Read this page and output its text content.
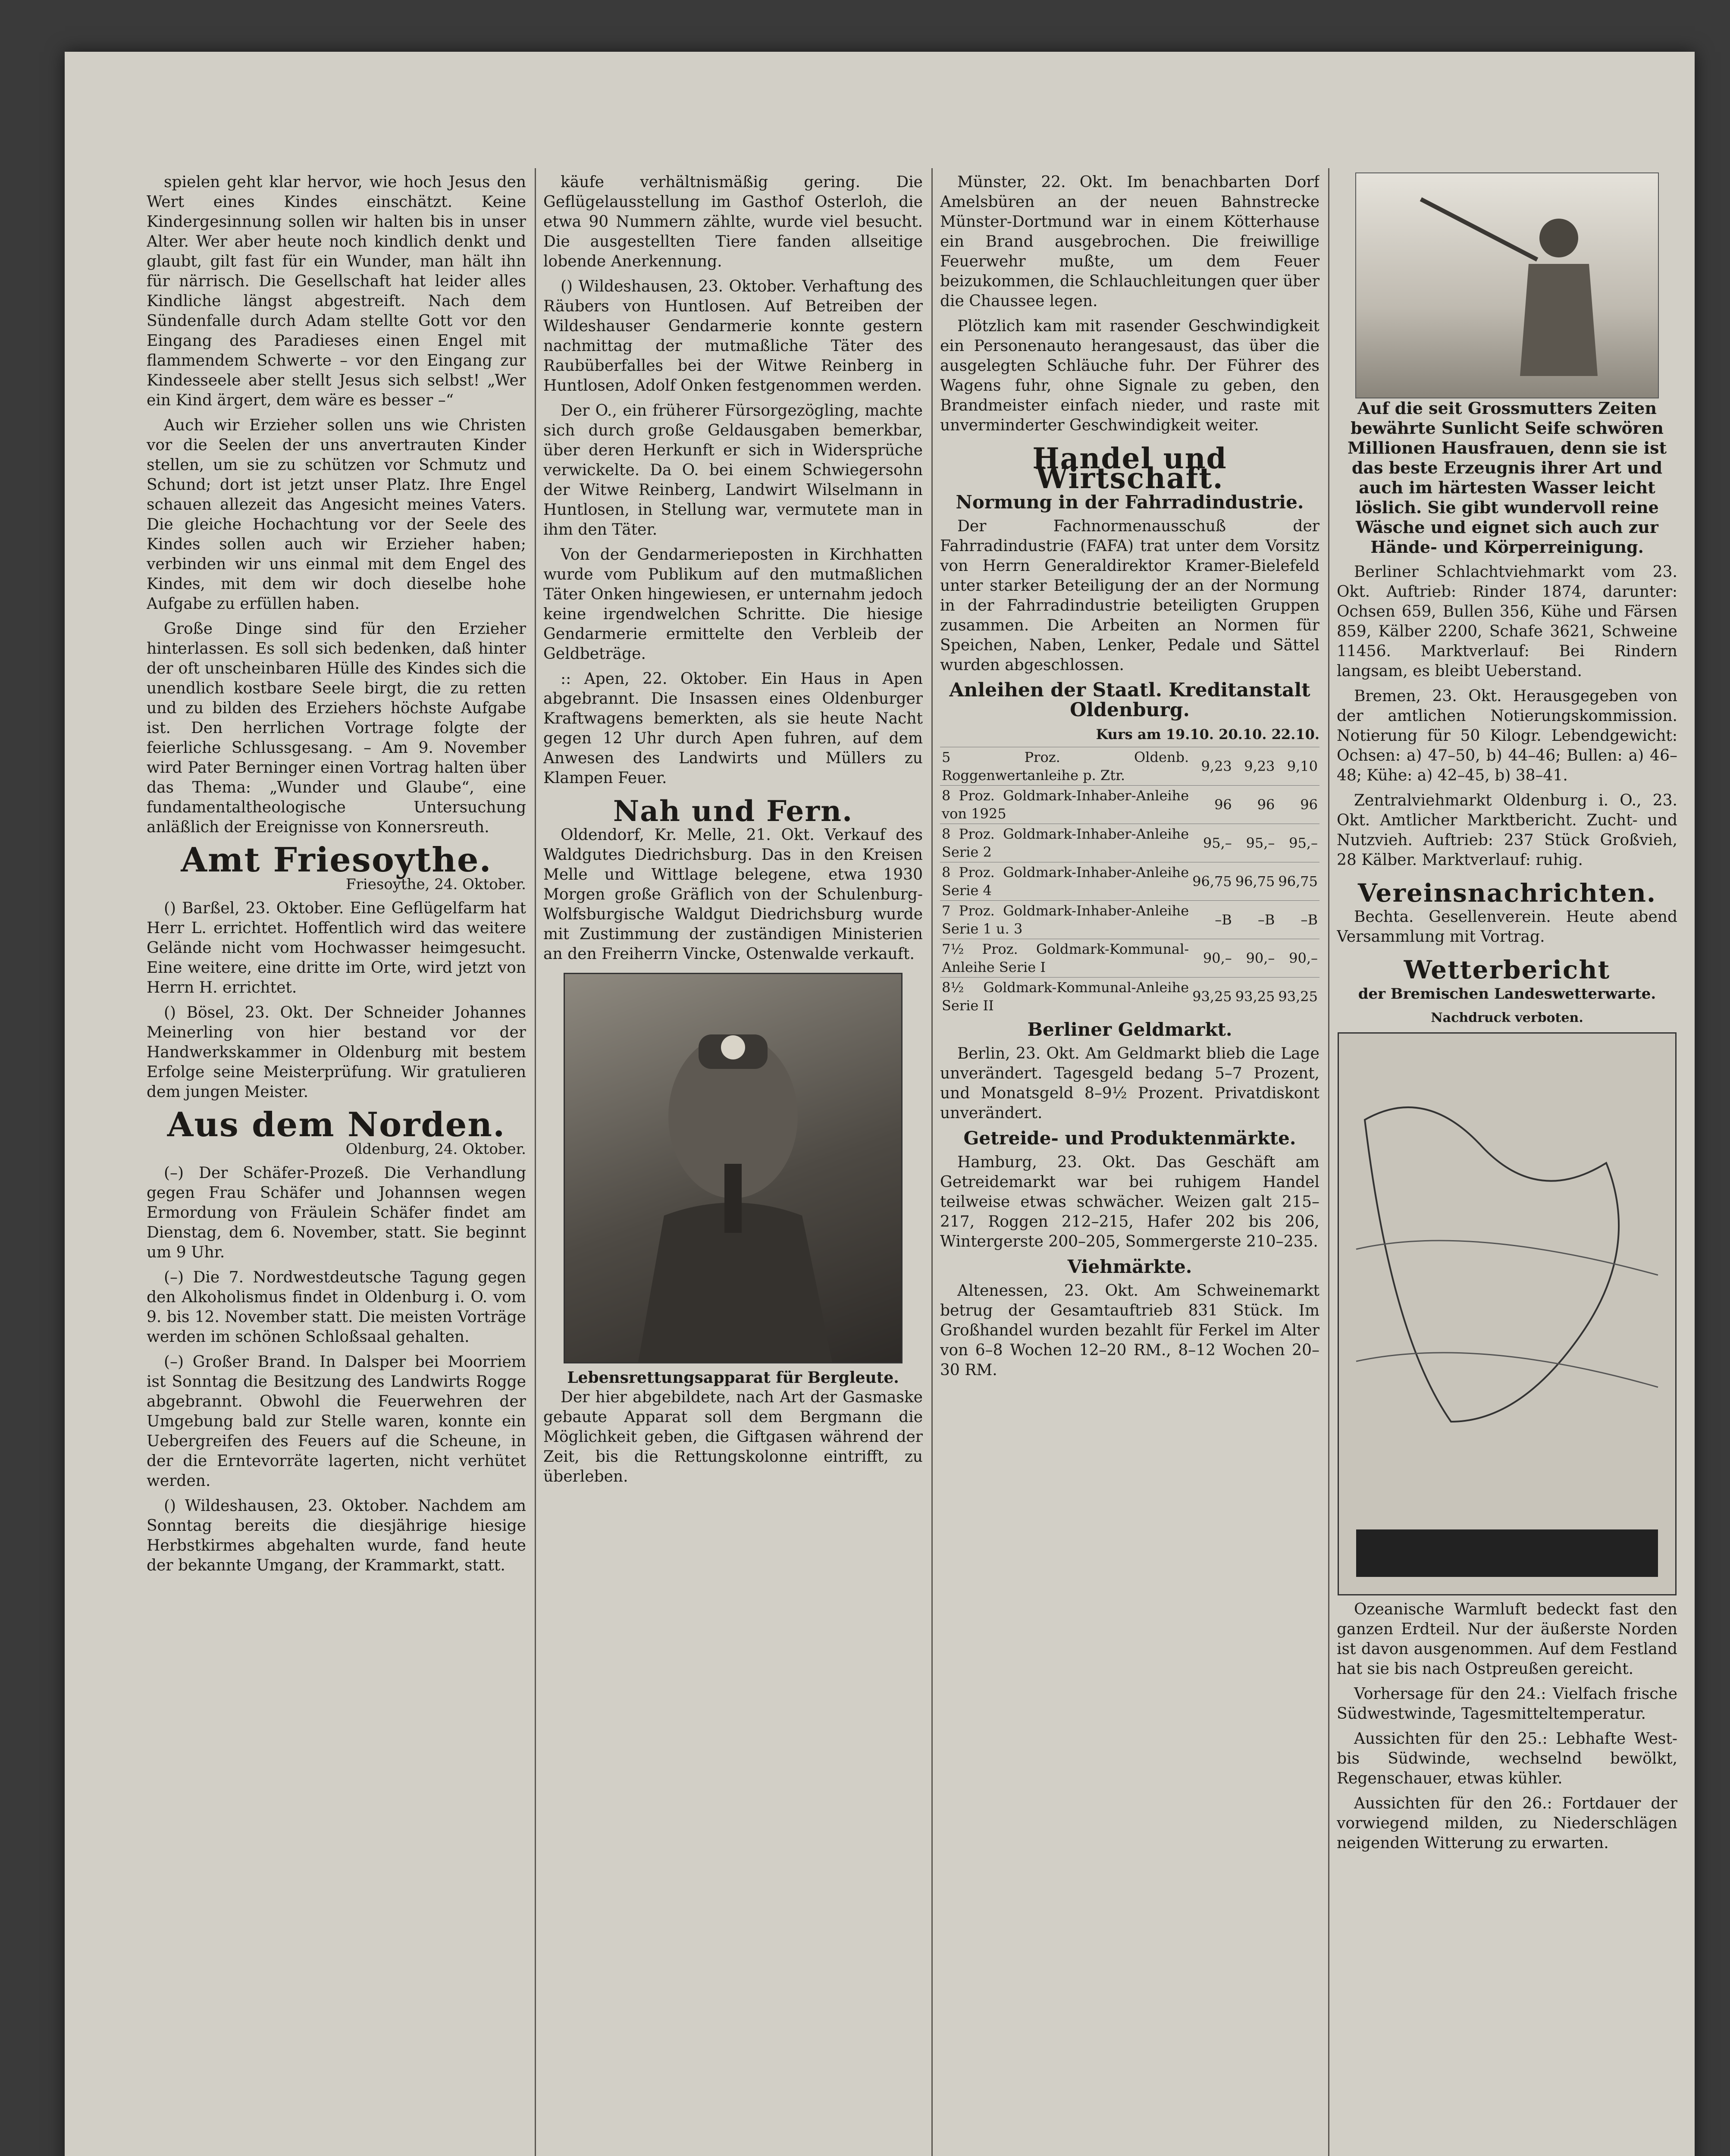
spielen geht klar hervor, wie hoch Jesus den Wert eines Kindes einschätzt. Keine Kindergesinnung sollen wir halten bis in unser Alter. Wer aber heute noch kindlich denkt und glaubt, gilt fast für ein Wunder, man hält ihn für närrisch. Die Gesellschaft hat leider alles Kindliche längst abgestreift. Nach dem Sündenfalle durch Adam stellte Gott vor den Eingang des Paradieses einen Engel mit flammendem Schwerte – vor den Eingang zur Kindesseele aber stellt Jesus sich selbst! „Wer ein Kind ärgert, dem wäre es besser –“

Auch wir Erzieher sollen uns wie Christen vor die Seelen der uns anvertrauten Kinder stellen, um sie zu schützen vor Schmutz und Schund; dort ist jetzt unser Platz. Ihre Engel schauen allezeit das Angesicht meines Vaters. Die gleiche Hochachtung vor der Seele des Kindes sollen auch wir Erzieher haben; verbinden wir uns einmal mit dem Engel des Kindes, mit dem wir doch dieselbe hohe Aufgabe zu erfüllen haben.

Große Dinge sind für den Erzieher hinterlassen. Es soll sich bedenken, daß hinter der oft unscheinbaren Hülle des Kindes sich die unendlich kostbare Seele birgt, die zu retten und zu bilden des Erziehers höchste Aufgabe ist. Den herrlichen Vortrage folgte der feierliche Schlussgesang. – Am 9. November wird Pater Berninger einen Vortrag halten über das Thema: „Wunder und Glaube“, eine fundamentaltheologische Untersuchung anläßlich der Ereignisse von Konnersreuth.

Amt Friesoythe.
Friesoythe, 24. Oktober.

() Barßel, 23. Oktober. Eine Geflügelfarm hat Herr L. errichtet. Hoffentlich wird das weitere Gelände nicht vom Hochwasser heimgesucht. Eine weitere, eine dritte im Orte, wird jetzt von Herrn H. errichtet.

() Bösel, 23. Okt. Der Schneider Johannes Meinerling von hier bestand vor der Handwerkskammer in Oldenburg mit bestem Erfolge seine Meisterprüfung. Wir gratulieren dem jungen Meister.

Aus dem Norden.
Oldenburg, 24. Oktober.

(–) Der Schäfer-Prozeß. Die Verhandlung gegen Frau Schäfer und Johannsen wegen Ermordung von Fräulein Schäfer findet am Dienstag, dem 6. November, statt. Sie beginnt um 9 Uhr.

(–) Die 7. Nordwestdeutsche Tagung gegen den Alkoholismus findet in Oldenburg i. O. vom 9. bis 12. November statt. Die meisten Vorträge werden im schönen Schloßsaal gehalten.

(–) Großer Brand. In Dalsper bei Moorriem ist Sonntag die Besitzung des Landwirts Rogge abgebrannt. Obwohl die Feuerwehren der Umgebung bald zur Stelle waren, konnte ein Uebergreifen des Feuers auf die Scheune, in der die Erntevorräte lagerten, nicht verhütet werden.

() Wildeshausen, 23. Oktober. Nachdem am Sonntag bereits die diesjährige hiesige Herbstkirmes abgehalten wurde, fand heute der bekannte Umgang, der Krammarkt, statt.

käufe verhältnismäßig gering. Die Geflügelausstellung im Gasthof Osterloh, die etwa 90 Nummern zählte, wurde viel besucht. Die ausgestellten Tiere fanden allseitige lobende Anerkennung.

() Wildeshausen, 23. Oktober. Verhaftung des Räubers von Huntlosen. Auf Betreiben der Wildeshauser Gendarmerie konnte gestern nachmittag der mutmaßliche Täter des Raubüberfalles bei der Witwe Reinberg in Huntlosen, Adolf Onken festgenommen werden.

Der O., ein früherer Fürsorgezögling, machte sich durch große Geldausgaben bemerkbar, über deren Herkunft er sich in Widersprüche verwickelte. Da O. bei einem Schwiegersohn der Witwe Reinberg, Landwirt Wilselmann in Huntlosen, in Stellung war, vermutete man in ihm den Täter.

Von der Gendarmerieposten in Kirchhatten wurde vom Publikum auf den mutmaßlichen Täter Onken hingewiesen, er unternahm jedoch keine irgendwelchen Schritte. Die hiesige Gendarmerie ermittelte den Verbleib der Geldbeträge.

:: Apen, 22. Oktober. Ein Haus in Apen abgebrannt. Die Insassen eines Oldenburger Kraftwagens bemerkten, als sie heute Nacht gegen 12 Uhr durch Apen fuhren, auf dem Anwesen des Landwirts und Müllers zu Klampen Feuer.

Nah und Fern.

Oldendorf, Kr. Melle, 21. Okt. Verkauf des Waldgutes Diedrichsburg. Das in den Kreisen Melle und Wittlage belegene, etwa 1930 Morgen große Gräflich von der Schulenburg-Wolfsburgische Waldgut Diedrichsburg wurde mit Zustimmung der zuständigen Ministerien an den Freiherrn Vincke, Ostenwalde verkauft.

Lebensrettungsapparat für Bergleute.

Der hier abgebildete, nach Art der Gasmaske gebaute Apparat soll dem Bergmann die Möglichkeit geben, die Giftgasen während der Zeit, bis die Rettungskolonne eintrifft, zu überleben.

Münster, 22. Okt. Im benachbarten Dorf Amelsbüren an der neuen Bahnstrecke Münster-Dortmund war in einem Kötterhause ein Brand ausgebrochen. Die freiwillige Feuerwehr mußte, um dem Feuer beizukommen, die Schlauchleitungen quer über die Chaussee legen.

Plötzlich kam mit rasender Geschwindigkeit ein Personenauto herangesaust, das über die ausgelegten Schläuche fuhr. Der Führer des Wagens fuhr, ohne Signale zu geben, den Brandmeister einfach nieder, und raste mit unverminderter Geschwindigkeit weiter.

Handel und Wirtschaft.
Normung in der Fahrradindustrie.

Der Fachnormenausschuß der Fahrradindustrie (FAFA) trat unter dem Vorsitz von Herrn Generaldirektor Kramer-Bielefeld unter starker Beteiligung der an der Normung in der Fahrradindustrie beteiligten Gruppen zusammen. Die Arbeiten an Normen für Speichen, Naben, Lenker, Pedale und Sättel wurden abgeschlossen.

Anleihen der Staatl. Kreditanstalt Oldenburg.
Kurs am 19.10. 20.10. 22.10.
5 Proz. Oldenb. Roggenwertanleihe p. Ztr.	9,23	9,23	9,10
8 Proz. Goldmark-Inhaber-Anleihe von 1925	96	96	96
8 Proz. Goldmark-Inhaber-Anleihe Serie 2	95,–	95,–	95,–
8 Proz. Goldmark-Inhaber-Anleihe Serie 4	96,75	96,75	96,75
7 Proz. Goldmark-Inhaber-Anleihe Serie 1 u. 3	–B	–B	–B
7½ Proz. Goldmark-Kommunal-Anleihe Serie I	90,–	90,–	90,–
8½ Goldmark-Kommunal-Anleihe Serie II	93,25	93,25	93,25
Berliner Geldmarkt.

Berlin, 23. Okt. Am Geldmarkt blieb die Lage unverändert. Tagesgeld bedang 5–7 Prozent, und Monatsgeld 8–9½ Prozent. Privatdiskont unverändert.

Getreide- und Produktenmärkte.

Hamburg, 23. Okt. Das Geschäft am Getreidemarkt war bei ruhigem Handel teilweise etwas schwächer. Weizen galt 215–217, Roggen 212–215, Hafer 202 bis 206, Wintergerste 200–205, Sommergerste 210–235.

Viehmärkte.

Altenessen, 23. Okt. Am Schweinemarkt betrug der Gesamtauftrieb 831 Stück. Im Großhandel wurden bezahlt für Ferkel im Alter von 6–8 Wochen 12–20 RM., 8–12 Wochen 20–30 RM.

Auf die seit Grossmutters Zeiten bewährte Sunlicht Seife schwören Millionen Hausfrauen, denn sie ist das beste Erzeugnis ihrer Art und auch im härtesten Wasser leicht löslich. Sie gibt wundervoll reine Wäsche und eignet sich auch zur Hände- und Körperreinigung.

Berliner Schlachtviehmarkt vom 23. Okt. Auftrieb: Rinder 1874, darunter: Ochsen 659, Bullen 356, Kühe und Färsen 859, Kälber 2200, Schafe 3621, Schweine 11456. Marktverlauf: Bei Rindern langsam, es bleibt Ueberstand.

Bremen, 23. Okt. Herausgegeben von der amtlichen Notierungskommission. Notierung für 50 Kilogr. Lebendgewicht: Ochsen: a) 47–50, b) 44–46; Bullen: a) 46–48; Kühe: a) 42–45, b) 38–41.

Zentralviehmarkt Oldenburg i. O., 23. Okt. Amtlicher Marktbericht. Zucht- und Nutzvieh. Auftrieb: 237 Stück Großvieh, 28 Kälber. Marktverlauf: ruhig.

Vereinsnachrichten.

Bechta. Gesellenverein. Heute abend Versammlung mit Vortrag.

Wetterbericht
der Bremischen Landeswetterwarte.
Nachdruck verboten.

Ozeanische Warmluft bedeckt fast den ganzen Erdteil. Nur der äußerste Norden ist davon ausgenommen. Auf dem Festland hat sie bis nach Ostpreußen gereicht.

Vorhersage für den 24.: Vielfach frische Südwestwinde, Tagesmitteltemperatur.

Aussichten für den 25.: Lebhafte West- bis Südwinde, wechselnd bewölkt, Regenschauer, etwas kühler.

Aussichten für den 26.: Fortdauer der vorwiegend milden, zu Niederschlägen neigenden Witterung zu erwarten.
